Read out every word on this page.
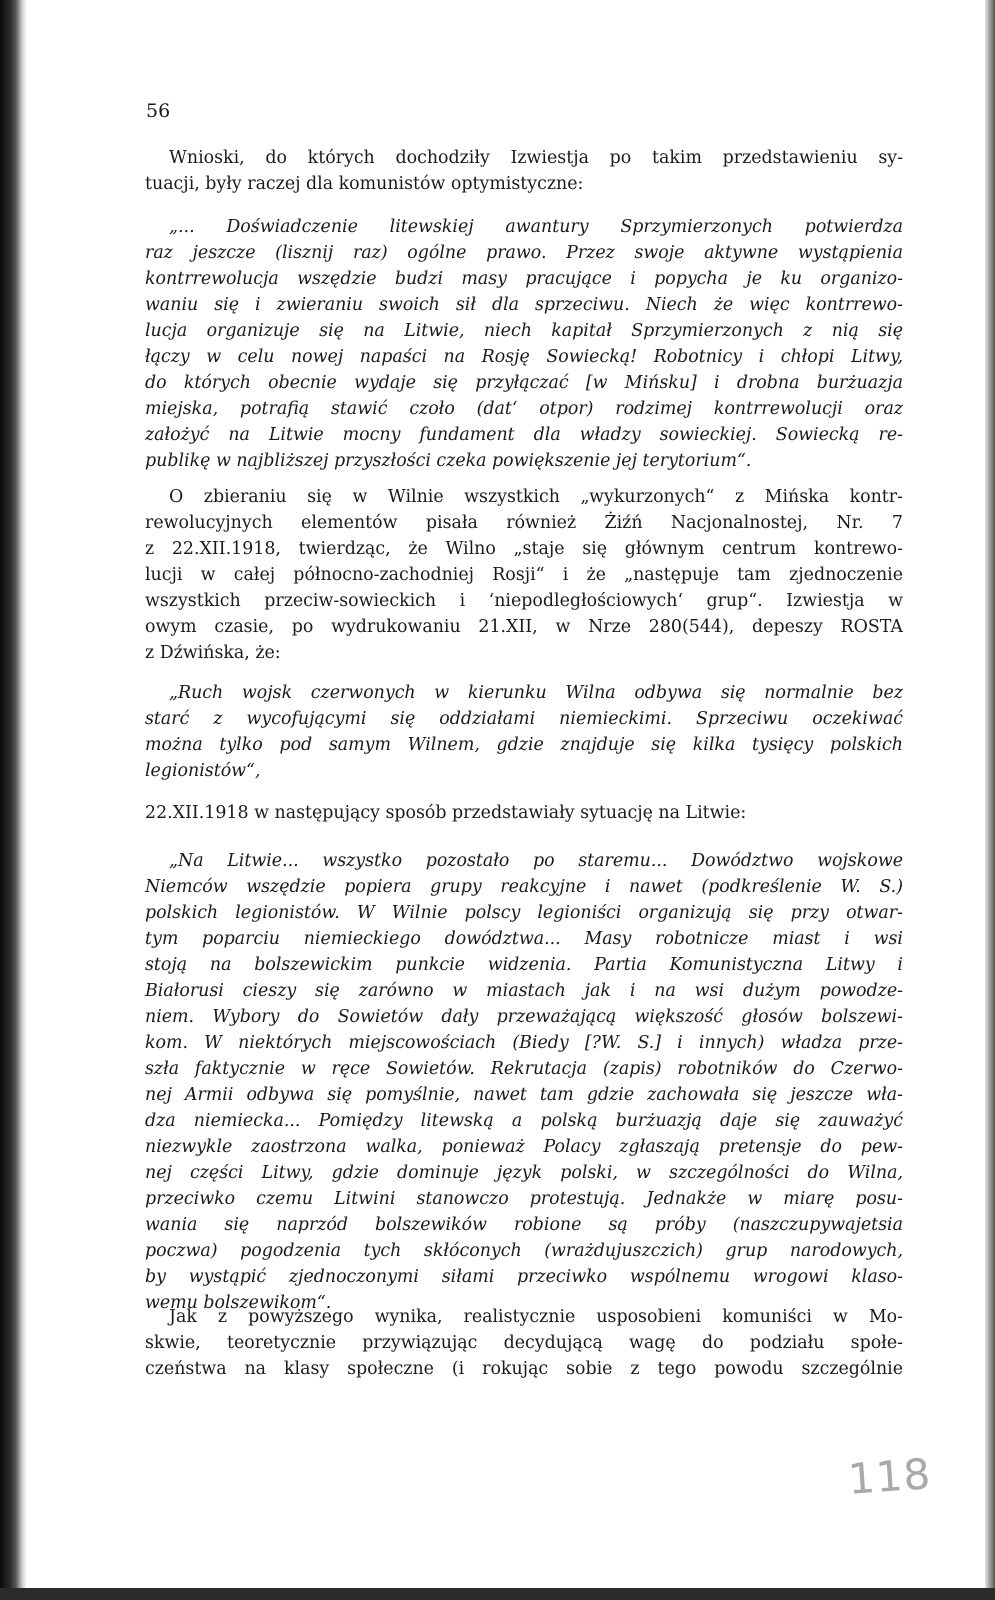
56
Wnioski, do których dochodziły Izwiestja po takim przedstawieniu sy-
tuacji, były raczej dla komunistów optymistyczne:
„... Doświadczenie litewskiej awantury Sprzymierzonych potwierdza
raz jeszcze (lisznij raz) ogólne prawo. Przez swoje aktywne wystąpienia
kontrrewolucja wszędzie budzi masy pracujące i popycha je ku organizo-
waniu się i zwieraniu swoich sił dla sprzeciwu. Niech że więc kontrrewo-
lucja organizuje się na Litwie, niech kapitał Sprzymierzonych z nią się
łączy w celu nowej napaści na Rosję Sowiecką! Robotnicy i chłopi Litwy,
do których obecnie wydaje się przyłączać [w Mińsku] i drobna burżuazja
miejska, potrafią stawić czoło (dat‘ otpor) rodzimej kontrrewolucji oraz
założyć na Litwie mocny fundament dla władzy sowieckiej. Sowiecką re-
publikę w najbliższej przyszłości czeka powiększenie jej terytorium“.
O zbieraniu się w Wilnie wszystkich „wykurzonych“ z Mińska kontr-
rewolucyjnych elementów pisała również Żiźń Nacjonalnostej, Nr. 7
z 22.XII.1918, twierdząc, że Wilno „staje się głównym centrum kontrewo-
lucji w całej północno-zachodniej Rosji“ i że „następuje tam zjednoczenie
wszystkich przeciw-sowieckich i ‘niepodległościowych‘ grup“. Izwiestja w
owym czasie, po wydrukowaniu 21.XII, w Nrze 280(544), depeszy ROSTA
z Dźwińska, że:
„Ruch wojsk czerwonych w kierunku Wilna odbywa się normalnie bez
starć z wycofującymi się oddziałami niemieckimi. Sprzeciwu oczekiwać
można tylko pod samym Wilnem, gdzie znajduje się kilka tysięcy polskich
legionistów“,
22.XII.1918 w następujący sposób przedstawiały sytuację na Litwie:
„Na Litwie... wszystko pozostało po staremu... Dowództwo wojskowe
Niemców wszędzie popiera grupy reakcyjne i nawet (podkreślenie W. S.)
polskich legionistów. W Wilnie polscy legioniści organizują się przy otwar-
tym poparciu niemieckiego dowództwa... Masy robotnicze miast i wsi
stoją na bolszewickim punkcie widzenia. Partia Komunistyczna Litwy i
Białorusi cieszy się zarówno w miastach jak i na wsi dużym powodze-
niem. Wybory do Sowietów dały przeważającą większość głosów bolszewi-
kom. W niektórych miejscowościach (Biedy [?W. S.] i innych) władza prze-
szła faktycznie w ręce Sowietów. Rekrutacja (zapis) robotników do Czerwo-
nej Armii odbywa się pomyślnie, nawet tam gdzie zachowała się jeszcze wła-
dza niemiecka... Pomiędzy litewską a polską burżuazją daje się zauważyć
niezwykle zaostrzona walka, ponieważ Polacy zgłaszają pretensje do pew-
nej części Litwy, gdzie dominuje język polski, w szczególności do Wilna,
przeciwko czemu Litwini stanowczo protestują. Jednakże w miarę posu-
wania się naprzód bolszewików robione są próby (naszczupywajetsia
poczwa) pogodzenia tych skłóconych (wrażdujuszczich) grup narodowych,
by wystąpić zjednoczonymi siłami przeciwko wspólnemu wrogowi klaso-
wemu bolszewikom“.
Jak z powyższego wynika, realistycznie usposobieni komuniści w Mo-
skwie, teoretycznie przywiązując decydującą wagę do podziału społe-
czeństwa na klasy społeczne (i rokując sobie z tego powodu szczególnie
118
